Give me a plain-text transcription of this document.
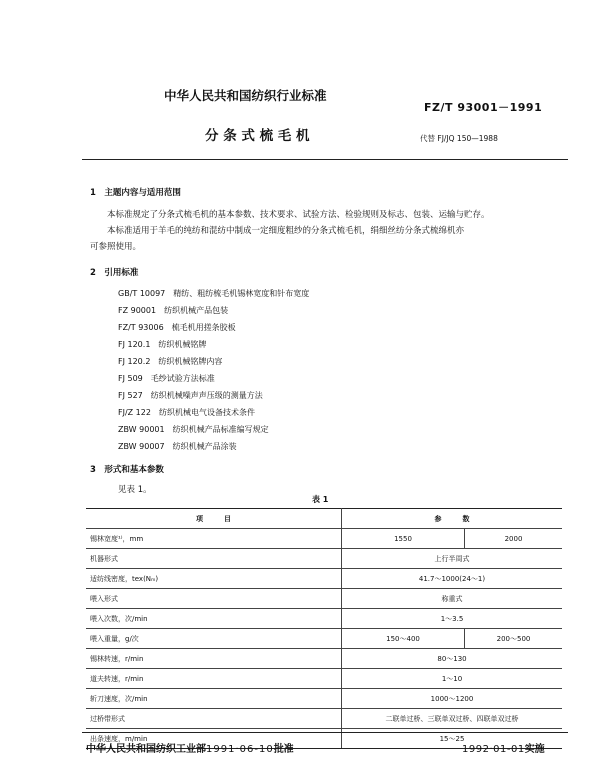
中华人民共和国纺织行业标准
FZ/T 93001－1991
分 条 式 梳 毛 机	代替 FJ/JQ 150—1988
1　主题内容与适用范围
本标准规定了分条式梳毛机的基本参数、技术要求、试验方法、检验规则及标志、包装、运输与贮存。
本标准适用于羊毛的纯纺和混纺中制成一定细度粗纱的分条式梳毛机，绢细丝纺分条式梳绵机亦
可参照使用。
2　引用标准
GB/T 10097　精纺、粗纺梳毛机锡林宽度和针布宽度
FZ 90001　纺织机械产品包装
FZ/T 93006　梳毛机用搓条胶板
FJ 120.1　纺织机械铭牌
FJ 120.2　纺织机械铭牌内容
FJ 509　毛纱试验方法标准
FJ 527　纺织机械噪声声压级的测量方法
FJ/Z 122　纺织机械电气设备技术条件
ZBW 90001　纺织机械产品标准编写规定
ZBW 90007　纺织机械产品涂装
3　形式和基本参数
见表 1。
表 1
项　　　目	参　　　数	
锡林宽度¹⁾，mm	1550	2000
机器形式	上行半周式	
适纺线密度，tex(Nₘ)	41.7～1000(24～1)	
喂入形式	称重式	
喂入次数，次/min	1～3.5	
喂入重量，g/次	150～400	200～500
锡林转速，r/min	80～130	
道夫转速，r/min	1～10	
斩刀速度，次/min	1000～1200	
过桥带形式	二联单过桥、三联单双过桥、四联单双过桥	
出条速度，m/min	15～25	
中华人民共和国纺织工业部1991·06-10批准	1992·01-01实施
